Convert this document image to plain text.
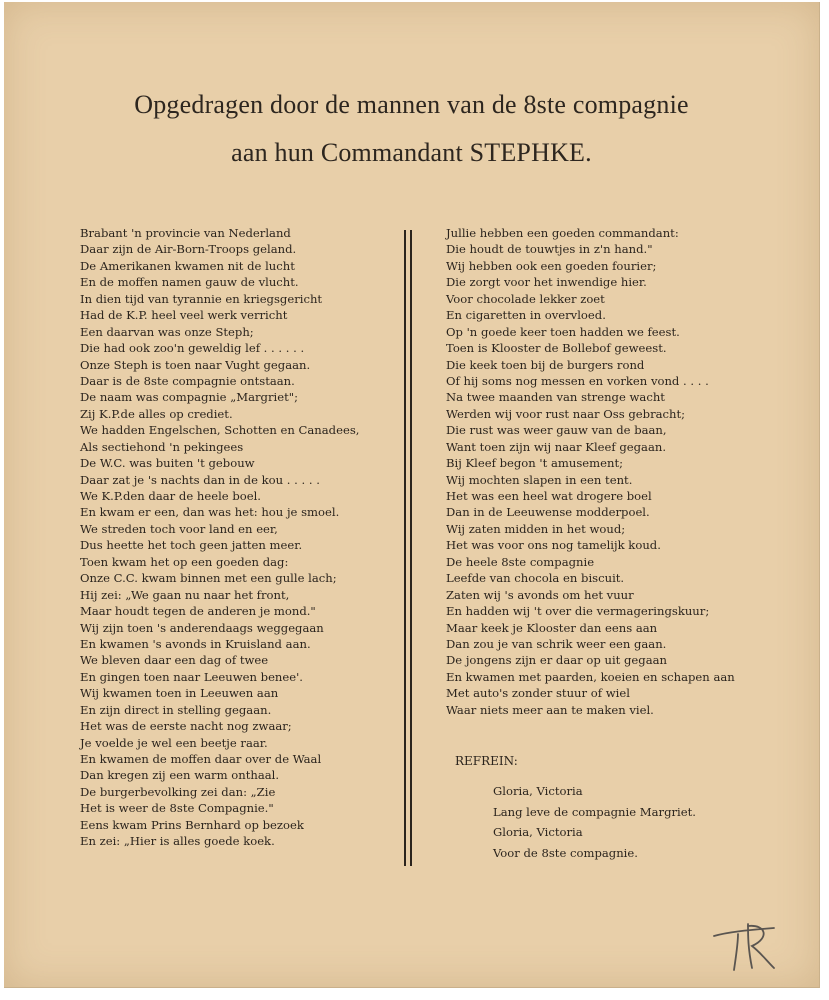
Opgedragen door de mannen van de 8ste compagnie
aan hun Commandant STEPHKE.
Brabant 'n provincie van Nederland
Daar zijn de Air-Born-Troops geland.
De Amerikanen kwamen nit de lucht
En de moffen namen gauw de vlucht.
In dien tijd van tyrannie en kriegsgericht
Had de K.P. heel veel werk verricht
Een daarvan was onze Steph;
Die had ook zoo'n geweldig lef . . . . . .
Onze Steph is toen naar Vught gegaan.
Daar is de 8ste compagnie ontstaan.
De naam was compagnie „Margriet";
Zij K.P.de alles op crediet.
We hadden Engelschen, Schotten en Canadees,
Als sectiehond 'n pekingees
De W.C. was buiten 't gebouw
Daar zat je 's nachts dan in de kou . . . . .
We K.P.den daar de heele boel.
En kwam er een, dan was het: hou je smoel.
We streden toch voor land en eer,
Dus heette het toch geen jatten meer.
Toen kwam het op een goeden dag:
Onze C.C. kwam binnen met een gulle lach;
Hij zei: „We gaan nu naar het front,
Maar houdt tegen de anderen je mond."
Wij zijn toen 's anderendaags weggegaan
En kwamen 's avonds in Kruisland aan.
We bleven daar een dag of twee
En gingen toen naar Leeuwen benee'.
Wij kwamen toen in Leeuwen aan
En zijn direct in stelling gegaan.
Het was de eerste nacht nog zwaar;
Je voelde je wel een beetje raar.
En kwamen de moffen daar over de Waal
Dan kregen zij een warm onthaal.
De burgerbevolking zei dan: „Zie
Het is weer de 8ste Compagnie."
Eens kwam Prins Bernhard op bezoek
En zei: „Hier is alles goede koek.
Jullie hebben een goeden commandant:
Die houdt de touwtjes in z'n hand."
Wij hebben ook een goeden fourier;
Die zorgt voor het inwendige hier.
Voor chocolade lekker zoet
En cigaretten in overvloed.
Op 'n goede keer toen hadden we feest.
Toen is Klooster de Bollebof geweest.
Die keek toen bij de burgers rond
Of hij soms nog messen en vorken vond . . . .
Na twee maanden van strenge wacht
Werden wij voor rust naar Oss gebracht;
Die rust was weer gauw van de baan,
Want toen zijn wij naar Kleef gegaan.
Bij Kleef begon 't amusement;
Wij mochten slapen in een tent.
Het was een heel wat drogere boel
Dan in de Leeuwense modderpoel.
Wij zaten midden in het woud;
Het was voor ons nog tamelijk koud.
De heele 8ste compagnie
Leefde van chocola en biscuit.
Zaten wij 's avonds om het vuur
En hadden wij 't over die vermageringskuur;
Maar keek je Klooster dan eens aan
Dan zou je van schrik weer een gaan.
De jongens zijn er daar op uit gegaan
En kwamen met paarden, koeien en schapen aan
Met auto's zonder stuur of wiel
Waar niets meer aan te maken viel.
REFREIN:
Gloria, Victoria
Lang leve de compagnie Margriet.
Gloria, Victoria
Voor de 8ste compagnie.
